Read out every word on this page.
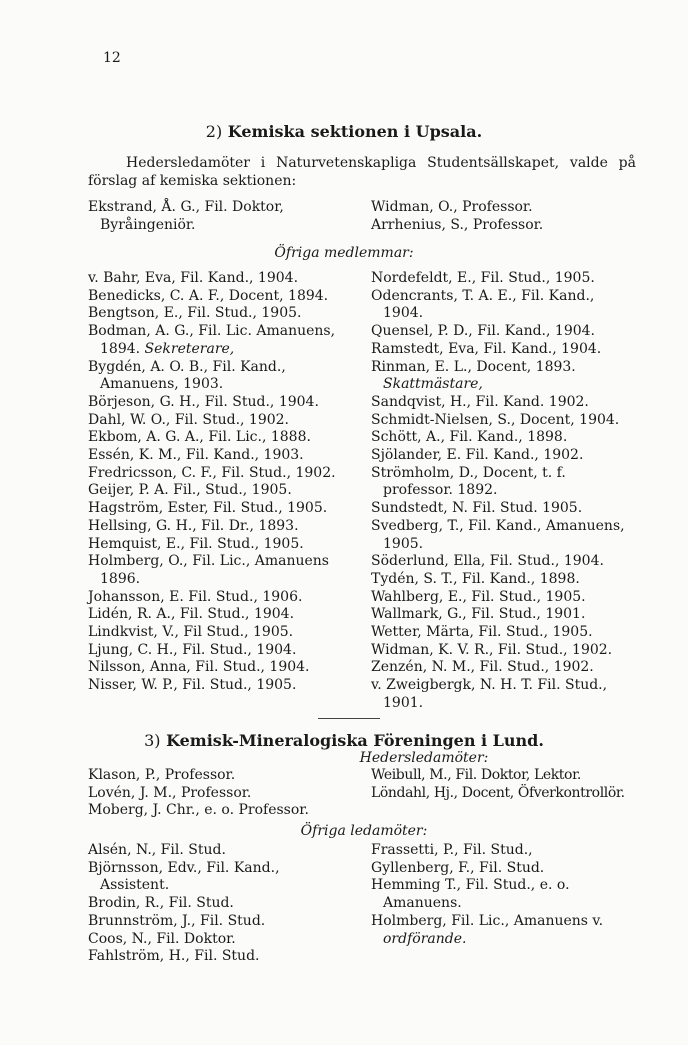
12
2) Kemiska sektionen i Upsala.

Hedersledamöter i Naturvetenskapliga Studentsällskapet, valde på förslag af kemiska sektionen:

Ekstrand, Å. G., Fil. Doktor, Byråingeniör.
Widman, O., Professor.
Arrhenius, S., Professor.
Öfriga medlemmar:
v. Bahr, Eva, Fil. Kand., 1904.
Benedicks, C. A. F., Docent, 1894.
Bengtson, E., Fil. Stud., 1905.
Bodman, A. G., Fil. Lic. Amanuens, 1894. Sekreterare,
Bygdén, A. O. B., Fil. Kand., Amanuens, 1903.
Börjeson, G. H., Fil. Stud., 1904.
Dahl, W. O., Fil. Stud., 1902.
Ekbom, A. G. A., Fil. Lic., 1888.
Essén, K. M., Fil. Kand., 1903.
Fredricsson, C. F., Fil. Stud., 1902.
Geijer, P. A. Fil., Stud., 1905.
Hagström, Ester, Fil. Stud., 1905.
Hellsing, G. H., Fil. Dr., 1893.
Hemquist, E., Fil. Stud., 1905.
Holmberg, O., Fil. Lic., Amanuens 1896.
Johansson, E. Fil. Stud., 1906.
Lidén, R. A., Fil. Stud., 1904.
Lindkvist, V., Fil Stud., 1905.
Ljung, C. H., Fil. Stud., 1904.
Nilsson, Anna, Fil. Stud., 1904.
Nisser, W. P., Fil. Stud., 1905.
Nordefeldt, E., Fil. Stud., 1905.
Odencrants, T. A. E., Fil. Kand., 1904.
Quensel, P. D., Fil. Kand., 1904.
Ramstedt, Eva, Fil. Kand., 1904.
Rinman, E. L., Docent, 1893.
Skattmästare,
Sandqvist, H., Fil. Kand. 1902.
Schmidt-Nielsen, S., Docent, 1904.
Schött, A., Fil. Kand., 1898.
Sjölander, E. Fil. Kand., 1902.
Strömholm, D., Docent, t. f. professor. 1892.
Sundstedt, N. Fil. Stud. 1905.
Svedberg, T., Fil. Kand., Amanuens, 1905.
Söderlund, Ella, Fil. Stud., 1904.
Tydén, S. T., Fil. Kand., 1898.
Wahlberg, E., Fil. Stud., 1905.
Wallmark, G., Fil. Stud., 1901.
Wetter, Märta, Fil. Stud., 1905.
Widman, K. V. R., Fil. Stud., 1902.
Zenzén, N. M., Fil. Stud., 1902.
v. Zweigbergk, N. H. T. Fil. Stud., 1901.
3) Kemisk-Mineralogiska Föreningen i Lund.
Hedersledamöter:
Klason, P., Professor.
Lovén, J. M., Professor.
Moberg, J. Chr., e. o. Professor.
Weibull, M., Fil. Doktor, Lektor.
Löndahl, Hj., Docent, Öfverkontrollör.
Öfriga ledamöter:
Alsén, N., Fil. Stud.
Björnsson, Edv., Fil. Kand., Assistent.
Brodin, R., Fil. Stud.
Brunnström, J., Fil. Stud.
Coos, N., Fil. Doktor.
Fahlström, H., Fil. Stud.
Frassetti, P., Fil. Stud.,
Gyllenberg, F., Fil. Stud.
Hemming T., Fil. Stud., e. o. Amanuens.
Holmberg, Fil. Lic., Amanuens v.
ordförande.
